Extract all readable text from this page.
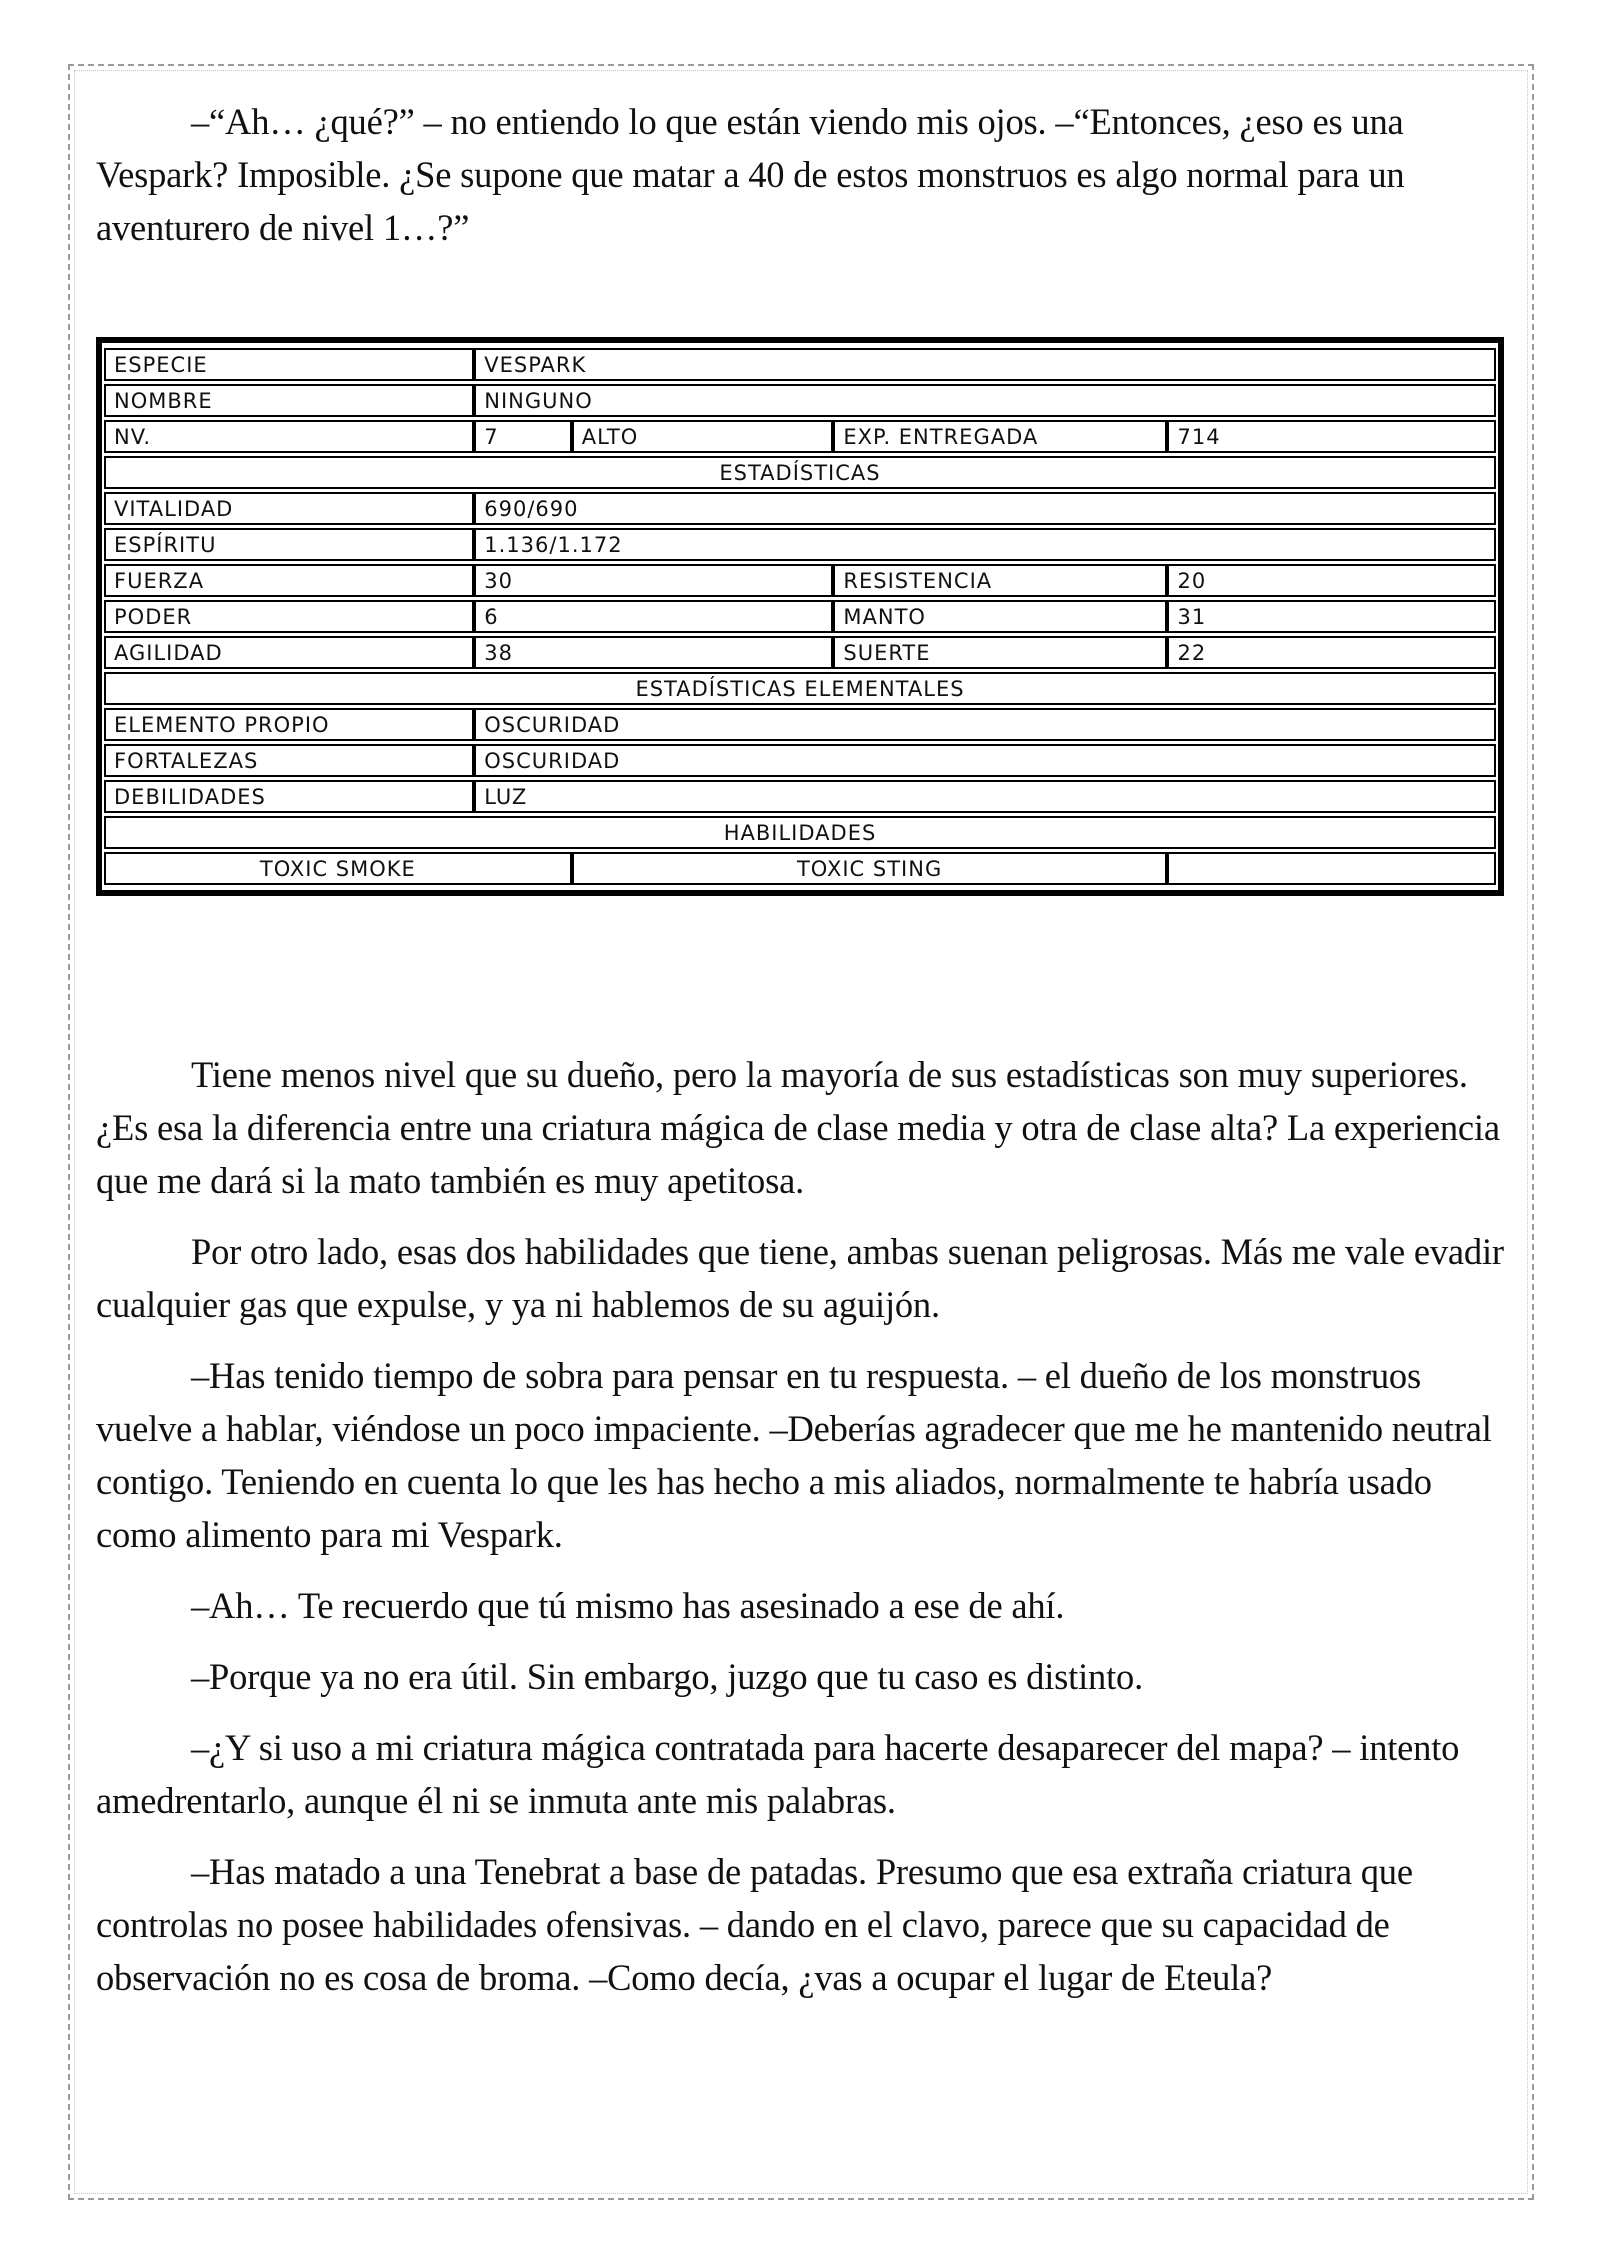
–“Ah… ¿qué?” – no entiendo lo que están viendo mis ojos. –“Entonces, ¿eso es una Vespark? Imposible. ¿Se supone que matar a 40 de estos monstruos es algo normal para un aventurero de nivel 1…?”

ESPECIE	VESPARK			
NOMBRE	NINGUNO			
NV.	7	ALTO	EXP. ENTREGADA	714
ESTADÍSTICAS				
VITALIDAD	690/690			
ESPÍRITU	1.136/1.172			
FUERZA	30		RESISTENCIA	20
PODER	6		MANTO	31
AGILIDAD	38		SUERTE	22
ESTADÍSTICAS ELEMENTALES				
ELEMENTO PROPIO	OSCURIDAD			
FORTALEZAS	OSCURIDAD			
DEBILIDADES	LUZ			
HABILIDADES				
TOXIC SMOKE		TOXIC STING		

Tiene menos nivel que su dueño, pero la mayoría de sus estadísticas son muy superiores. ¿Es esa la diferencia entre una criatura mágica de clase media y otra de clase alta? La experiencia que me dará si la mato también es muy apetitosa.

Por otro lado, esas dos habilidades que tiene, ambas suenan peligrosas. Más me vale evadir cualquier gas que expulse, y ya ni hablemos de su aguijón.

–Has tenido tiempo de sobra para pensar en tu respuesta. – el dueño de los monstruos vuelve a hablar, viéndose un poco impaciente. –Deberías agradecer que me he mantenido neutral contigo. Teniendo en cuenta lo que les has hecho a mis aliados, normalmente te habría usado como alimento para mi Vespark.

–Ah… Te recuerdo que tú mismo has asesinado a ese de ahí.

–Porque ya no era útil. Sin embargo, juzgo que tu caso es distinto.

–¿Y si uso a mi criatura mágica contratada para hacerte desaparecer del mapa? – intento amedrentarlo, aunque él ni se inmuta ante mis palabras.

–Has matado a una Tenebrat a base de patadas. Presumo que esa extraña criatura que controlas no posee habilidades ofensivas. – dando en el clavo, parece que su capacidad de observación no es cosa de broma. –Como decía, ¿vas a ocupar el lugar de Eteula?
